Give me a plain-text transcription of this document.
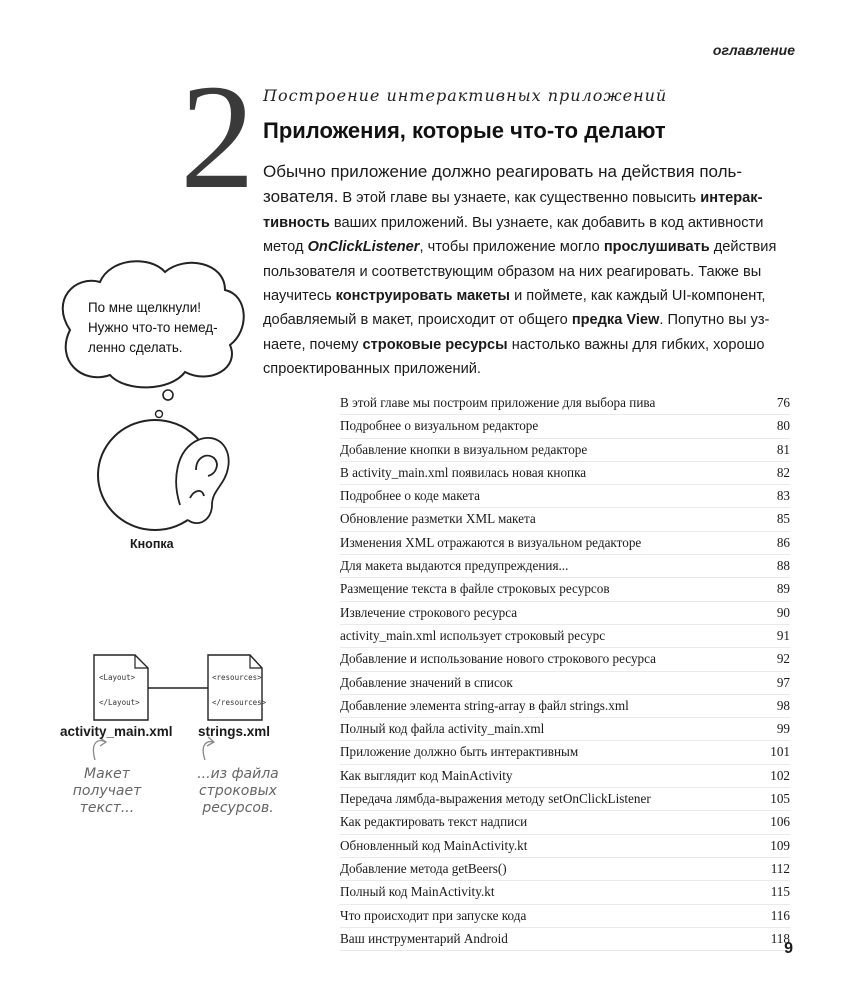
оглавление
2 Построение интерактивных приложений
Приложения, которые что-то делают
Обычно приложение должно реагировать на действия поль- зователя. В этой главе вы узнаете, как существенно повысить интерак-тивность ваших приложений. Вы узнаете, как добавить в код активности метод OnClickListener, чтобы приложение могло прослушивать действия пользователя и соответствующим образом на них реагировать. Также вы научитесь конструировать макеты и поймете, как каждый UI-компонент, добавляемый в макет, происходит от общего предка View. Попутно вы уз-наете, почему строковые ресурсы настолько важны для гибких, хорошо спроектированных приложений.
По мне щелкнули!
Нужно что-то немед-
ленно сделать.
Кнопка
<Layout>
</Layout>
<resources>
</resources>
activity_main.xml strings.xml
Макет
получает
текст...
...из файла
строковых
ресурсов.
В этой главе мы построим приложение для выбора пива	76
Подробнее о визуальном редакторе	80
Добавление кнопки в визуальном редакторе	81
В activity_main.xml появилась новая кнопка	82
Подробнее о коде макета	83
Обновление разметки XML макета	85
Изменения XML отражаются в визуальном редакторе	86
Для макета выдаются предупреждения...	88
Размещение текста в файле строковых ресурсов	89
Извлечение строкового ресурса	90
activity_main.xml использует строковый ресурс	91
Добавление и использование нового строкового ресурса	92
Добавление значений в список	97
Добавление элемента string-array в файл strings.xml	98
Полный код файла activity_main.xml	99
Приложение должно быть интерактивным	101
Как выглядит код MainActivity	102
Передача лямбда-выражения методу setOnClickListener	105
Как редактировать текст надписи	106
Обновленный код MainActivity.kt	109
Добавление метода getBeers()	112
Полный код MainActivity.kt	115
Что происходит при запуске кода	116
Ваш инструментарий Android	118
9
